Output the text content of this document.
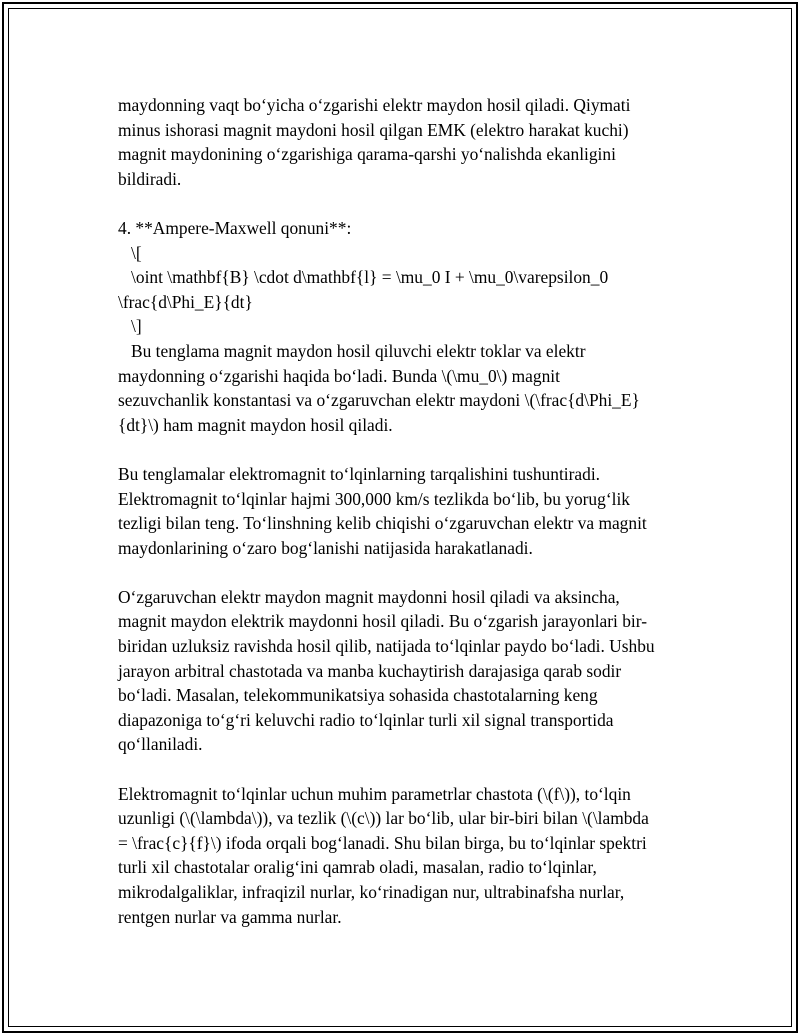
maydonning vaqt boʻyicha oʻzgarishi elektr maydon hosil qiladi. Qiymati
minus ishorasi magnit maydoni hosil qilgan EMK (elektro harakat kuchi)
magnit maydonining oʻzgarishiga qarama-qarshi yoʻnalishda ekanligini
bildiradi.
4. **Ampere-Maxwell qonuni**:
\[
\oint \mathbf{B} \cdot d\mathbf{l} = \mu_0 I + \mu_0\varepsilon_0
\frac{d\Phi_E}{dt}
\]
Bu tenglama magnit maydon hosil qiluvchi elektr toklar va elektr
maydonning oʻzgarishi haqida boʻladi. Bunda \(\mu_0\) magnit
sezuvchanlik konstantasi va oʻzgaruvchan elektr maydoni \(\frac{d\Phi_E}
{dt}\) ham magnit maydon hosil qiladi.
Bu tenglamalar elektromagnit toʻlqinlarning tarqalishini tushuntiradi.
Elektromagnit toʻlqinlar hajmi 300,000 km/s tezlikda boʻlib, bu yorugʻlik
tezligi bilan teng. Toʻlinshning kelib chiqishi oʻzgaruvchan elektr va magnit
maydonlarining oʻzaro bogʻlanishi natijasida harakatlanadi.
Oʻzgaruvchan elektr maydon magnit maydonni hosil qiladi va aksincha,
magnit maydon elektrik maydonni hosil qiladi. Bu oʻzgarish jarayonlari bir-
biridan uzluksiz ravishda hosil qilib, natijada toʻlqinlar paydo boʻladi. Ushbu
jarayon arbitral chastotada va manba kuchaytirish darajasiga qarab sodir
boʻladi. Masalan, telekommunikatsiya sohasida chastotalarning keng
diapazoniga toʻgʻri keluvchi radio toʻlqinlar turli xil signal transportida
qoʻllaniladi.
Elektromagnit toʻlqinlar uchun muhim parametrlar chastota (\(f\)), toʻlqin
uzunligi (\(\lambda\)), va tezlik (\(c\)) lar boʻlib, ular bir-biri bilan \(\lambda
= \frac{c}{f}\) ifoda orqali bogʻlanadi. Shu bilan birga, bu toʻlqinlar spektri
turli xil chastotalar oraligʻini qamrab oladi, masalan, radio toʻlqinlar,
mikrodalgaliklar, infraqizil nurlar, koʻrinadigan nur, ultrabinafsha nurlar,
rentgen nurlar va gamma nurlar.
